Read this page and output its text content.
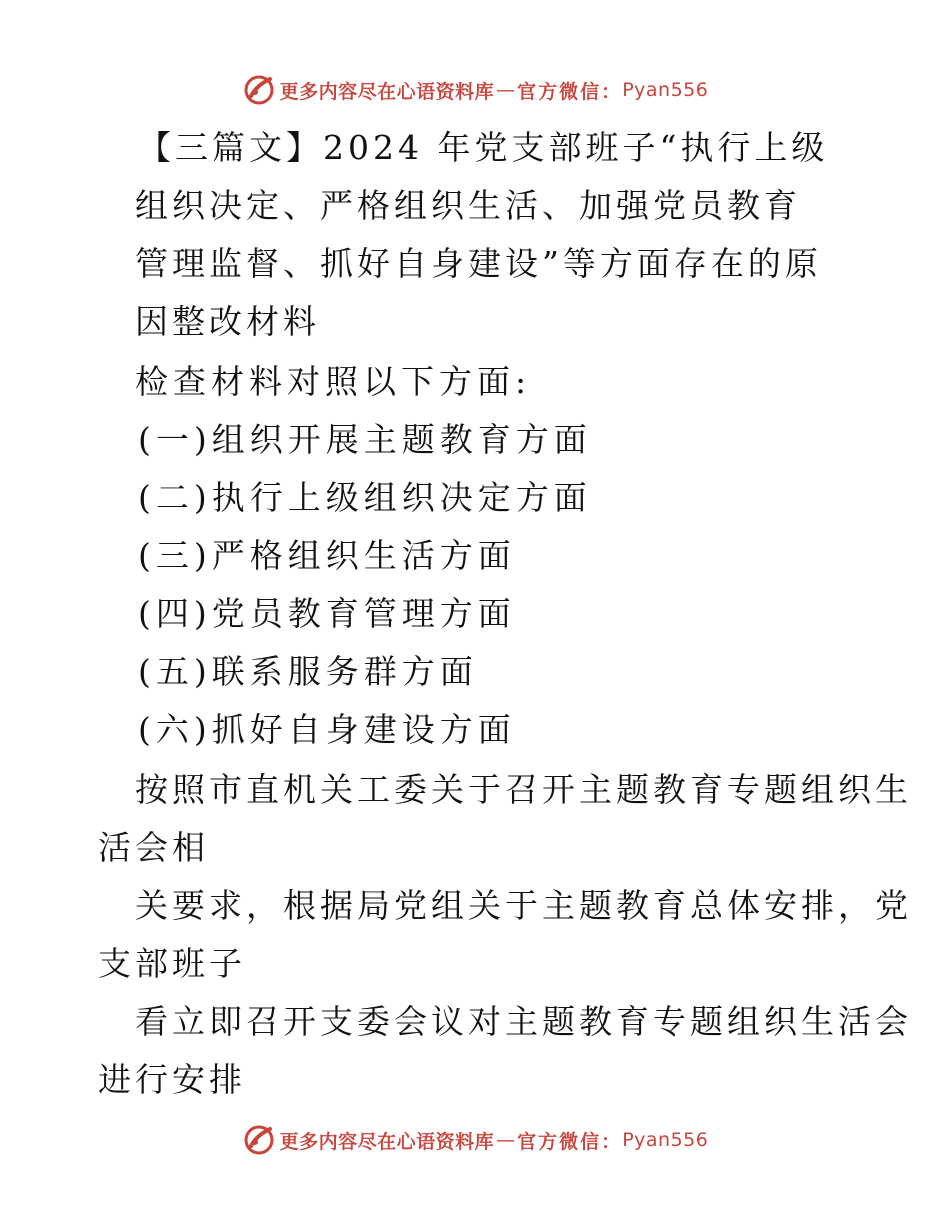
更多内容尽在心语资料库 — 官方微信： Pyan556
【三篇文】2024 年党支部班子“执行上级
组织决定、严格组织生活、加强党员教育
管理监督、抓好自身建设”等方面存在的原
因整改材料
检查材料对照以下方面:
(一)组织开展主题教育方面
(二)执行上级组织决定方面
(三)严格组织生活方面
(四)党员教育管理方面
(五)联系服务群方面
(六)抓好自身建设方面
按照市直机关工委关于召开主题教育专题组织生
活会相
关要求，根据局党组关于主题教育总体安排，党
支部班子
看立即召开支委会议对主题教育专题组织生活会
进行安排
更多内容尽在心语资料库 — 官方微信： Pyan556
